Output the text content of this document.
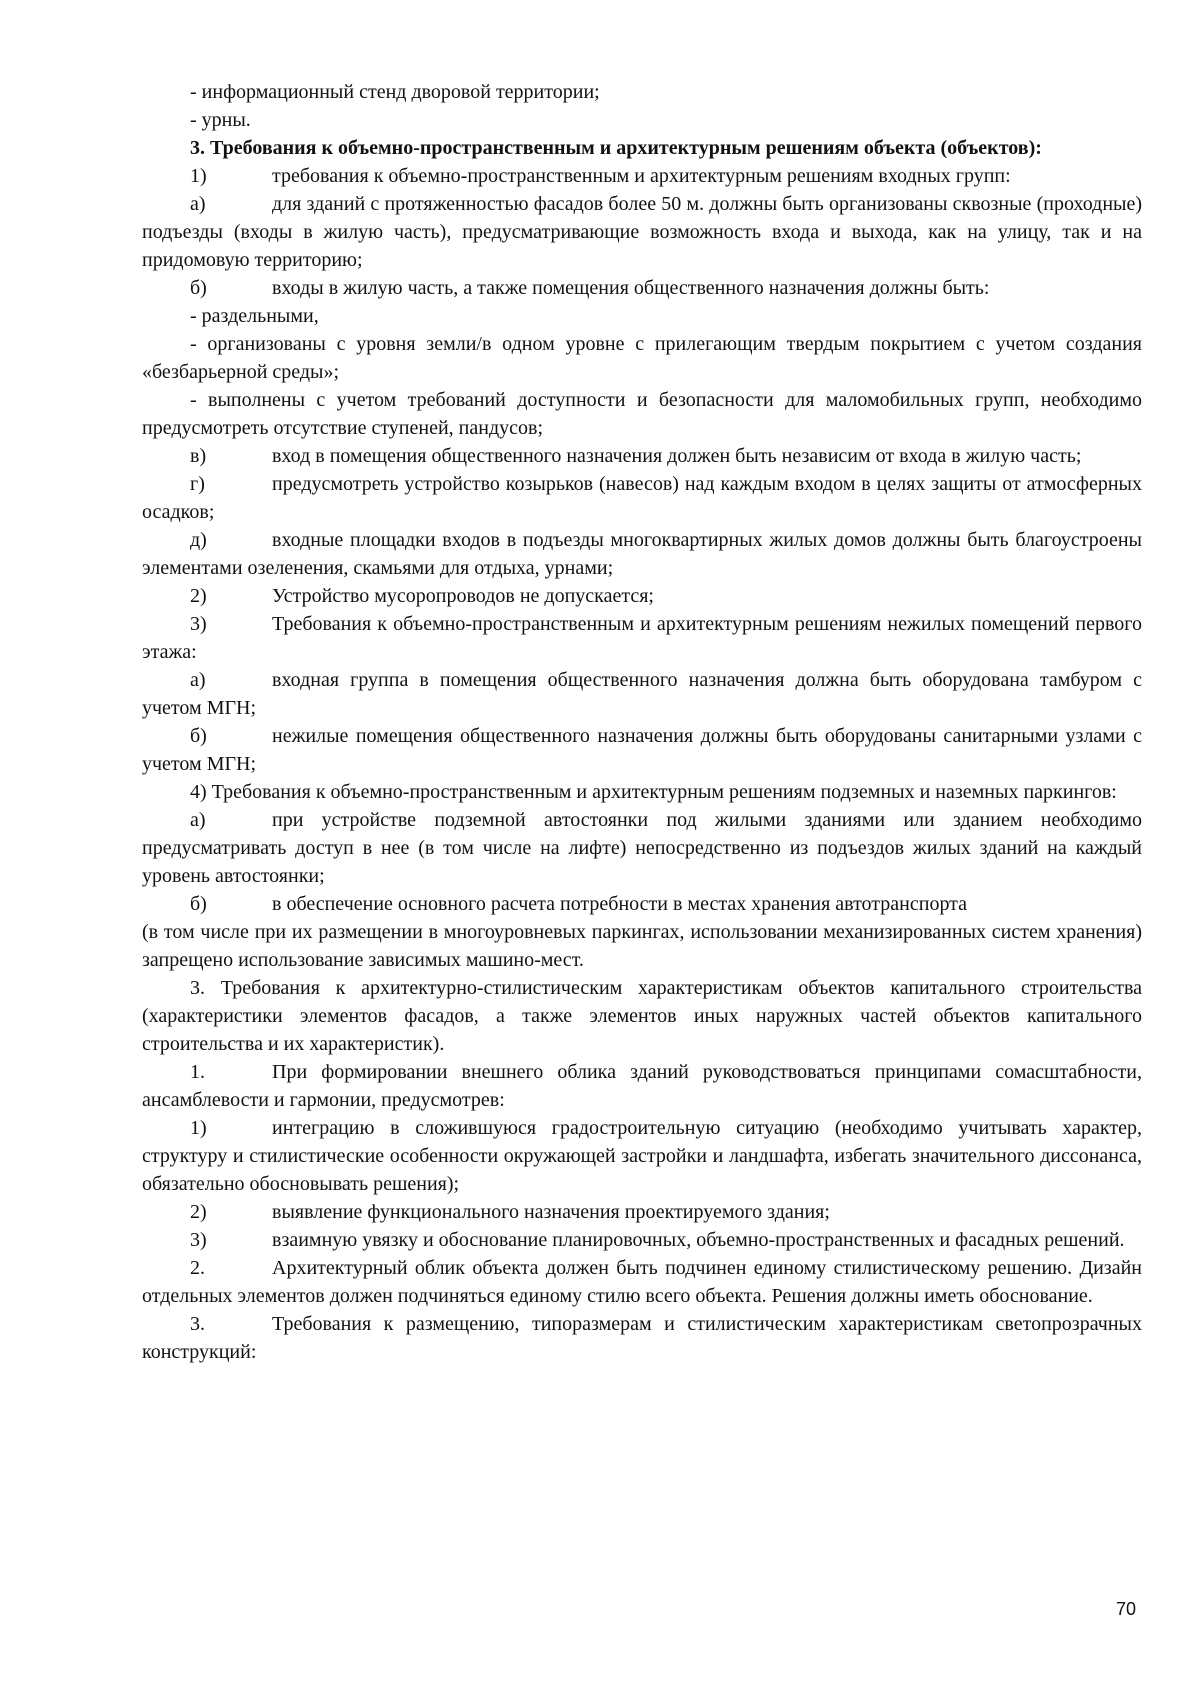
- информационный стенд дворовой территории;

- урны.

3. Требования к объемно-пространственным и архитектурным решениям объекта (объектов):

1)	требования к объемно-пространственным и архитектурным решениям входных групп:

а)	для зданий с протяженностью фасадов более 50 м. должны быть организованы сквозные (проходные) подъезды (входы в жилую часть), предусматривающие возможность входа и выхода, как на улицу, так и на придомовую территорию;

б)	входы в жилую часть, а также помещения общественного назначения должны быть:

- раздельными,

- организованы с уровня земли/в одном уровне с прилегающим твердым покрытием с учетом создания «безбарьерной среды»;

- выполнены с учетом требований доступности и безопасности для маломобильных групп, необходимо предусмотреть отсутствие ступеней, пандусов;

в)	вход в помещения общественного назначения должен быть независим от входа в жилую часть;

г)	предусмотреть устройство козырьков (навесов) над каждым входом в целях защиты от атмосферных осадков;

д)	входные площадки входов в подъезды многоквартирных жилых домов должны быть благоустроены элементами озеленения, скамьями для отдыха, урнами;

2)	Устройство мусоропроводов не допускается;

3)	Требования к объемно-пространственным и архитектурным решениям нежилых помещений первого этажа:

а)	входная группа в помещения общественного назначения должна быть оборудована тамбуром с учетом МГН;

б)	нежилые помещения общественного назначения должны быть оборудованы санитарными узлами с учетом МГН;

4) Требования к объемно-пространственным и архитектурным решениям подземных и наземных паркингов:

а)	при устройстве подземной автостоянки под жилыми зданиями или зданием необходимо предусматривать доступ в нее (в том числе на лифте) непосредственно из подъездов жилых зданий на каждый уровень автостоянки;

б)	в обеспечение основного расчета потребности в местах хранения автотранспорта

(в том числе при их размещении в многоуровневых паркингах, использовании механизированных систем хранения) запрещено использование зависимых машино-мест.

3. Требования к архитектурно-стилистическим характеристикам объектов капитального строительства (характеристики элементов фасадов, а также элементов иных наружных частей объектов капитального строительства и их характеристик).

1.	При формировании внешнего облика зданий руководствоваться принципами сомасштабности, ансамблевости и гармонии, предусмотрев:

1)	интеграцию в сложившуюся градостроительную ситуацию (необходимо учитывать характер, структуру и стилистические особенности окружающей застройки и ландшафта, избегать значительного диссонанса, обязательно обосновывать решения);

2)	выявление функционального назначения проектируемого здания;

3)	взаимную увязку и обоснование планировочных, объемно-пространственных и фасадных решений.

2.	Архитектурный облик объекта должен быть подчинен единому стилистическому решению. Дизайн отдельных элементов должен подчиняться единому стилю всего объекта. Решения должны иметь обоснование.

3.	Требования к размещению, типоразмерам и стилистическим характеристикам светопрозрачных конструкций:

70
